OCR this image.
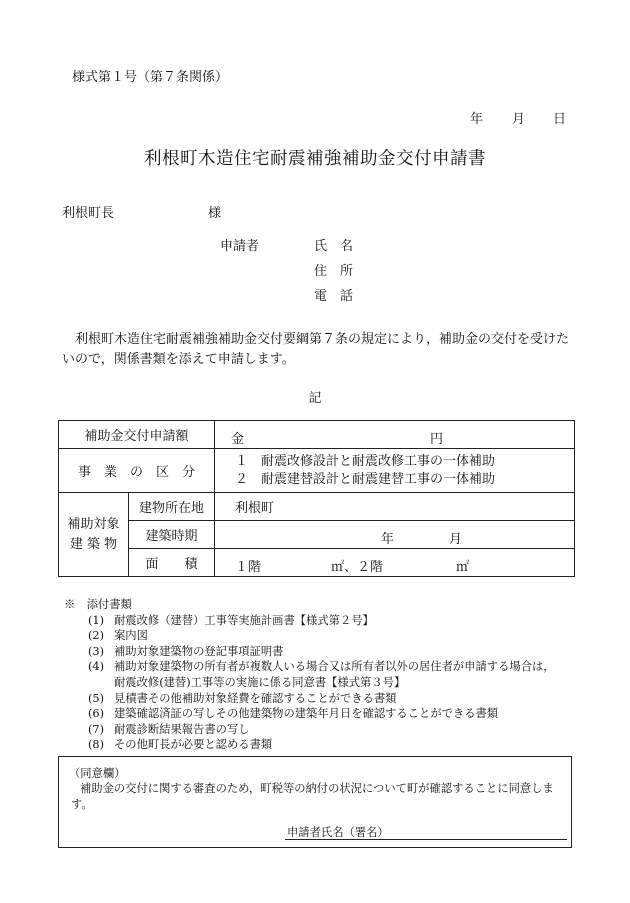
様式第１号（第７条関係）
年 月 日
利根町木造住宅耐震補強補助金交付申請書
利根町長	様
申請者	氏　名
住　所
電　話
利根町木造住宅耐震補強補助金交付要綱第７条の規定により，補助金の交付を受けたいので，関係書類を添えて申請します。
記
補助金交付申請額		金 円

事　業　の　区　分		１　耐震改修設計と耐震改修工事の一体補助
２　耐震建替設計と耐震建替工事の一体補助

補助対象
建 築 物	建物所在地	利根町
	建築時期	年 月

	面　　積	１階 ㎡、２階 ㎡
※　添付書類
(1) 耐震改修（建替）工事等実施計画書【様式第２号】
(2) 案内図
(3) 補助対象建築物の登記事項証明書
(4) 補助対象建築物の所有者が複数人いる場合又は所有者以外の居住者が申請する場合は，
耐震改修(建替)工事等の実施に係る同意書【様式第３号】
(5) 見積書その他補助対象経費を確認することができる書類
(6) 建築確認済証の写しその他建築物の建築年月日を確認することができる書類
(7) 耐震診断結果報告書の写し
(8) その他町長が必要と認める書類
（同意欄）
補助金の交付に関する審査のため，町税等の納付の状況について町が確認することに同意します。
申請者氏名（署名）
